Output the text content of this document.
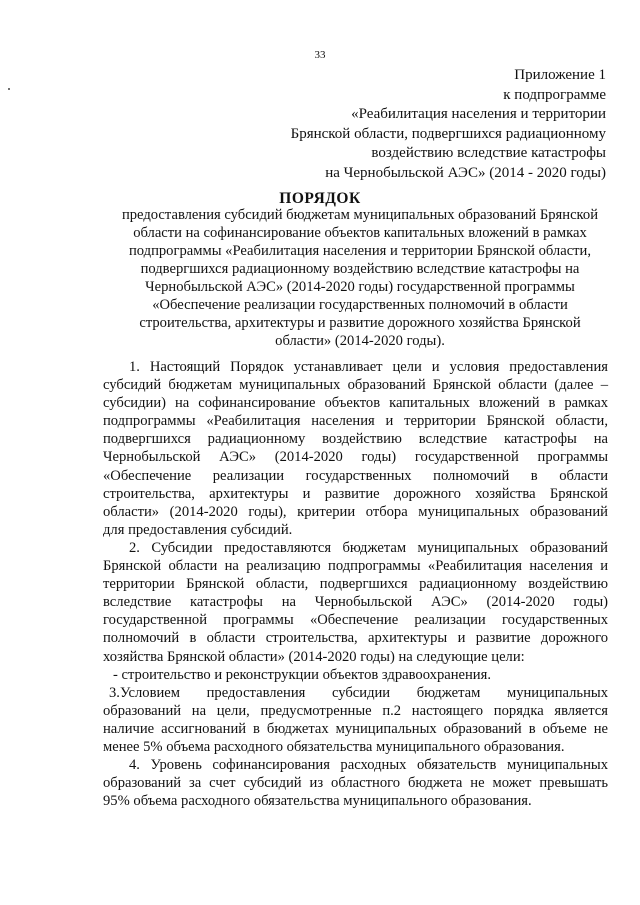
33
Приложение 1
к подпрограмме
«Реабилитация населения и территории
Брянской области, подвергшихся радиационному
воздействию вследствие катастрофы
на Чернобыльской АЭС» (2014 - 2020 годы)
ПОРЯДОК
предоставления субсидий бюджетам муниципальных образований Брянской
области на софинансирование объектов капитальных вложений в рамках
подпрограммы «Реабилитация населения и территории Брянской области,
подвергшихся радиационному воздействию вследствие катастрофы на
Чернобыльской АЭС» (2014-2020 годы) государственной программы
«Обеспечение реализации государственных полномочий в области
строительства, архитектуры и развитие дорожного хозяйства Брянской
области» (2014-2020 годы).
1. Настоящий Порядок устанавливает цели и условия предоставления
субсидий бюджетам муниципальных образований Брянской области (далее –
субсидии) на софинансирование объектов капитальных вложений в рамках
подпрограммы «Реабилитация населения и территории Брянской области,
подвергшихся радиационному воздействию вследствие катастрофы на
Чернобыльской АЭС» (2014-2020 годы) государственной программы
«Обеспечение реализации государственных полномочий в области
строительства, архитектуры и развитие дорожного хозяйства Брянской
области» (2014-2020 годы), критерии отбора муниципальных образований
для предоставления субсидий.
2. Субсидии предоставляются бюджетам муниципальных образований
Брянской области на реализацию подпрограммы «Реабилитация населения и
территории Брянской области, подвергшихся радиационному воздействию
вследствие катастрофы на Чернобыльской АЭС» (2014-2020 годы)
государственной программы «Обеспечение реализации государственных
полномочий в области строительства, архитектуры и развитие дорожного
хозяйства Брянской области» (2014-2020 годы) на следующие цели:
- строительство и реконструкции объектов здравоохранения.
3.Условием предоставления субсидии бюджетам муниципальных
образований на цели, предусмотренные п.2 настоящего порядка является
наличие ассигнований в бюджетах муниципальных образований в объеме не
менее 5% объема расходного обязательства муниципального образования.
4. Уровень софинансирования расходных обязательств муниципальных
образований за счет субсидий из областного бюджета не может превышать
95% объема расходного обязательства муниципального образования.
